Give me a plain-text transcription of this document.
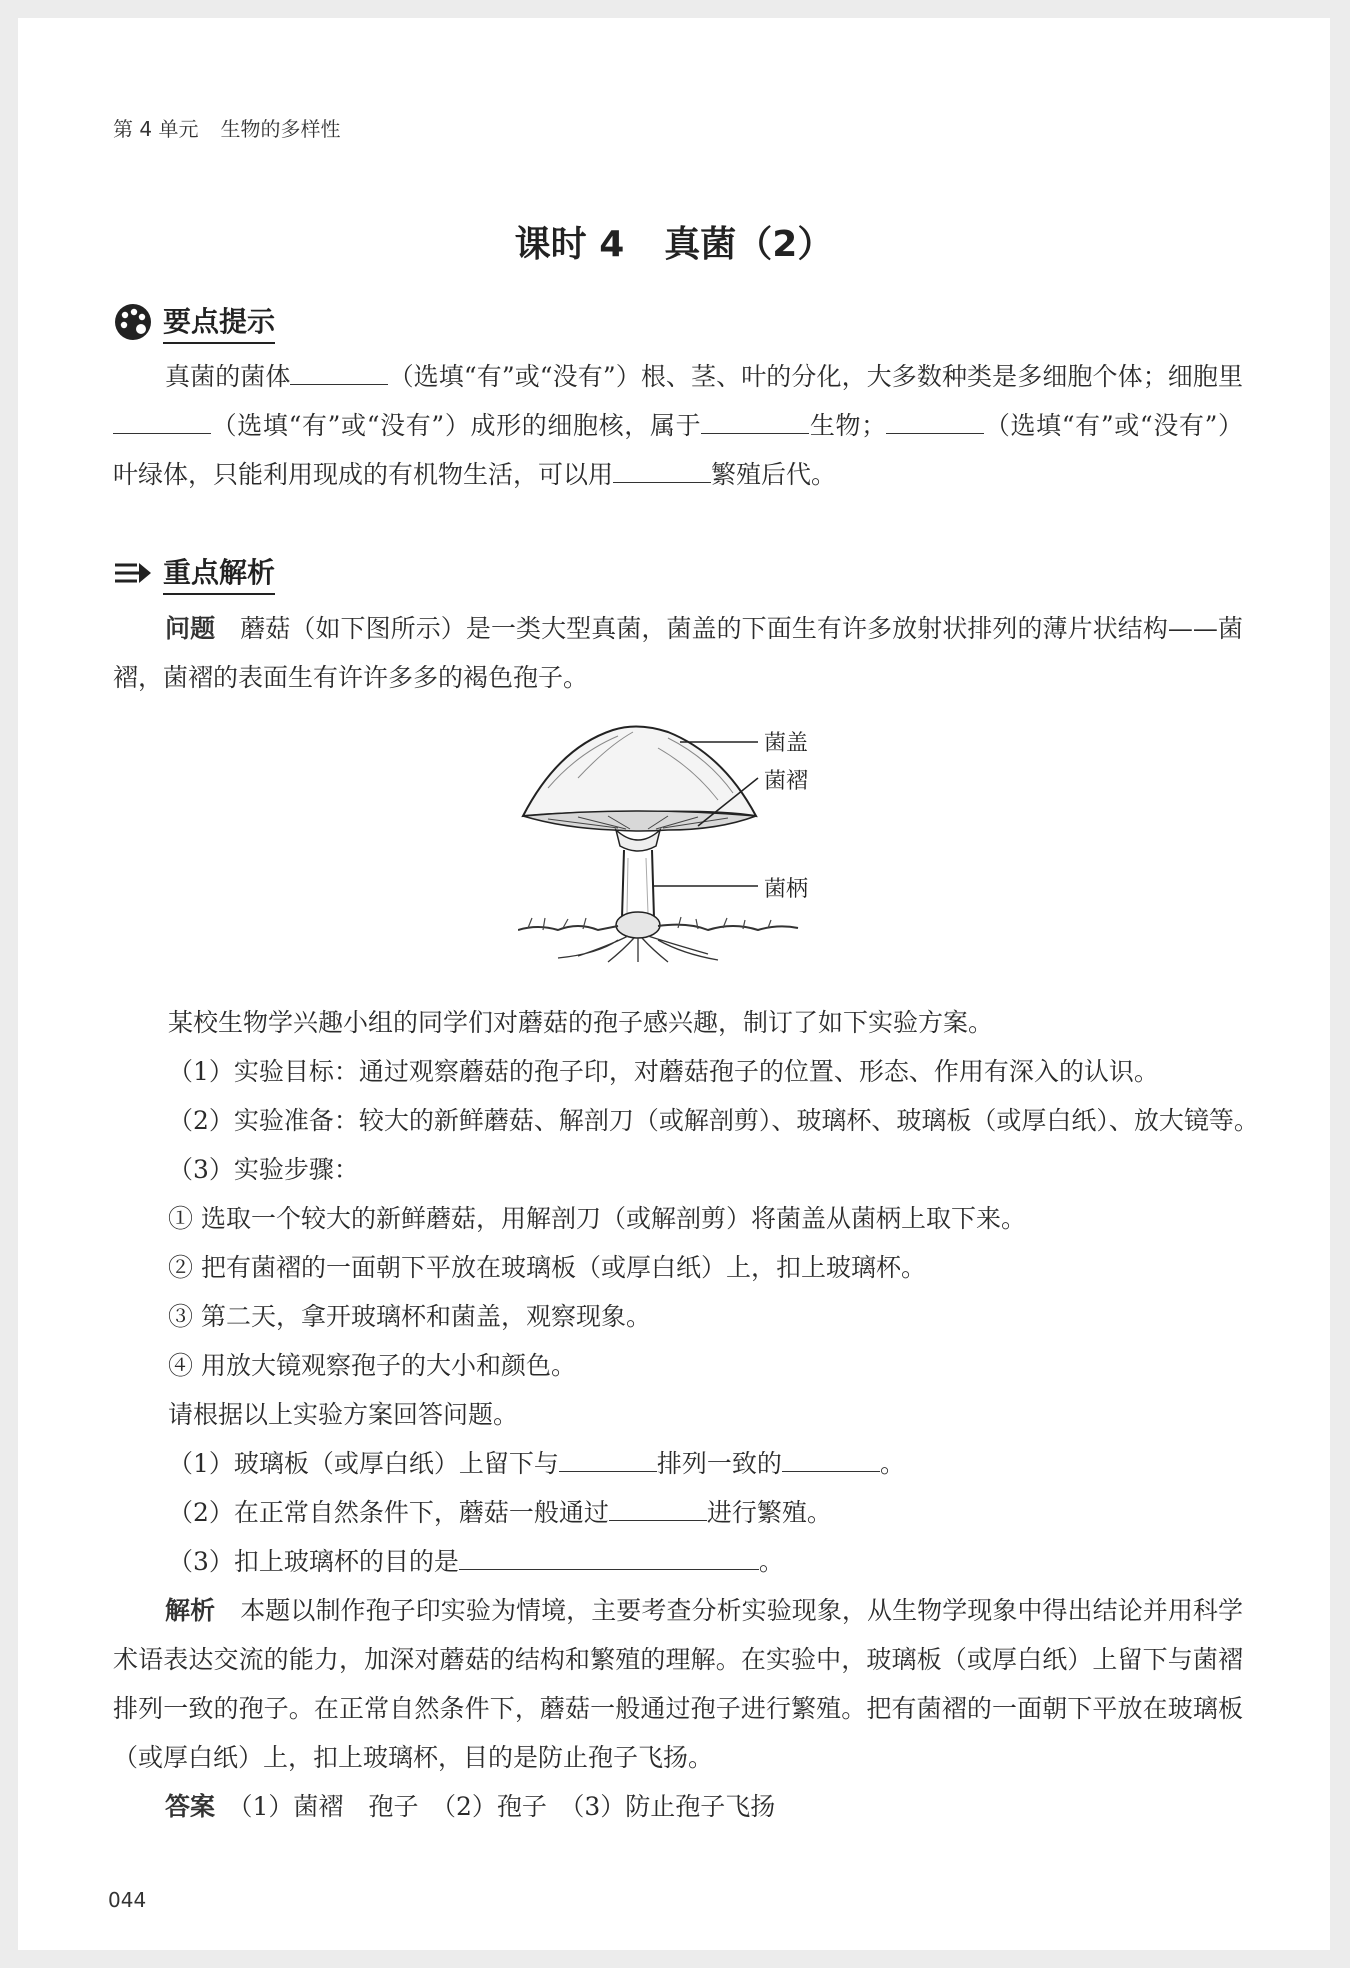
第 4 单元 生物的多样性
课时 4 真菌（2）
要点提示
真菌的菌体	（选填“有”或“没有”）根、茎、叶的分化，大多数种类是多细胞个体；细胞里（选填“有”或“没有”）成形的细胞核，属于	生物；	（选填“有”或“没有”）叶绿体，只能利用现成的有机物生活，可以用	繁殖后代。
重点解析
问题　 蘑菇（如下图所示）是一类大型真菌，菌盖的下面生有许多放射状排列的薄片状结构——菌褶，菌褶的表面生有许许多多的褐色孢子。
菌盖
菌褶
菌柄
某校生物学兴趣小组的同学们对蘑菇的孢子感兴趣，制订了如下实验方案。
（1）实验目标：通过观察蘑菇的孢子印，对蘑菇孢子的位置、形态、作用有深入的认识。
（2）实验准备：较大的新鲜蘑菇、解剖刀（或解剖剪）、玻璃杯、玻璃板（或厚白纸）、放大镜等。
（3）实验步骤：
① 选取一个较大的新鲜蘑菇，用解剖刀（或解剖剪）将菌盖从菌柄上取下来。
② 把有菌褶的一面朝下平放在玻璃板（或厚白纸）上，扣上玻璃杯。
③ 第二天，拿开玻璃杯和菌盖，观察现象。
④ 用放大镜观察孢子的大小和颜色。
请根据以上实验方案回答问题。
（1）玻璃板（或厚白纸）上留下与	排列一致的	。
（2）在正常自然条件下，蘑菇一般通过	进行繁殖。
（3）扣上玻璃杯的目的是	。
解析　 本题以制作孢子印实验为情境，主要考查分析实验现象，从生物学现象中得出结论并用科学术语表达交流的能力，加深对蘑菇的结构和繁殖的理解。在实验中，玻璃板（或厚白纸）上留下与菌褶排列一致的孢子。在正常自然条件下，蘑菇一般通过孢子进行繁殖。把有菌褶的一面朝下平放在玻璃板（或厚白纸）上，扣上玻璃杯，目的是防止孢子飞扬。
答案　 （1）菌褶　孢子　（2）孢子　（3）防止孢子飞扬
044
